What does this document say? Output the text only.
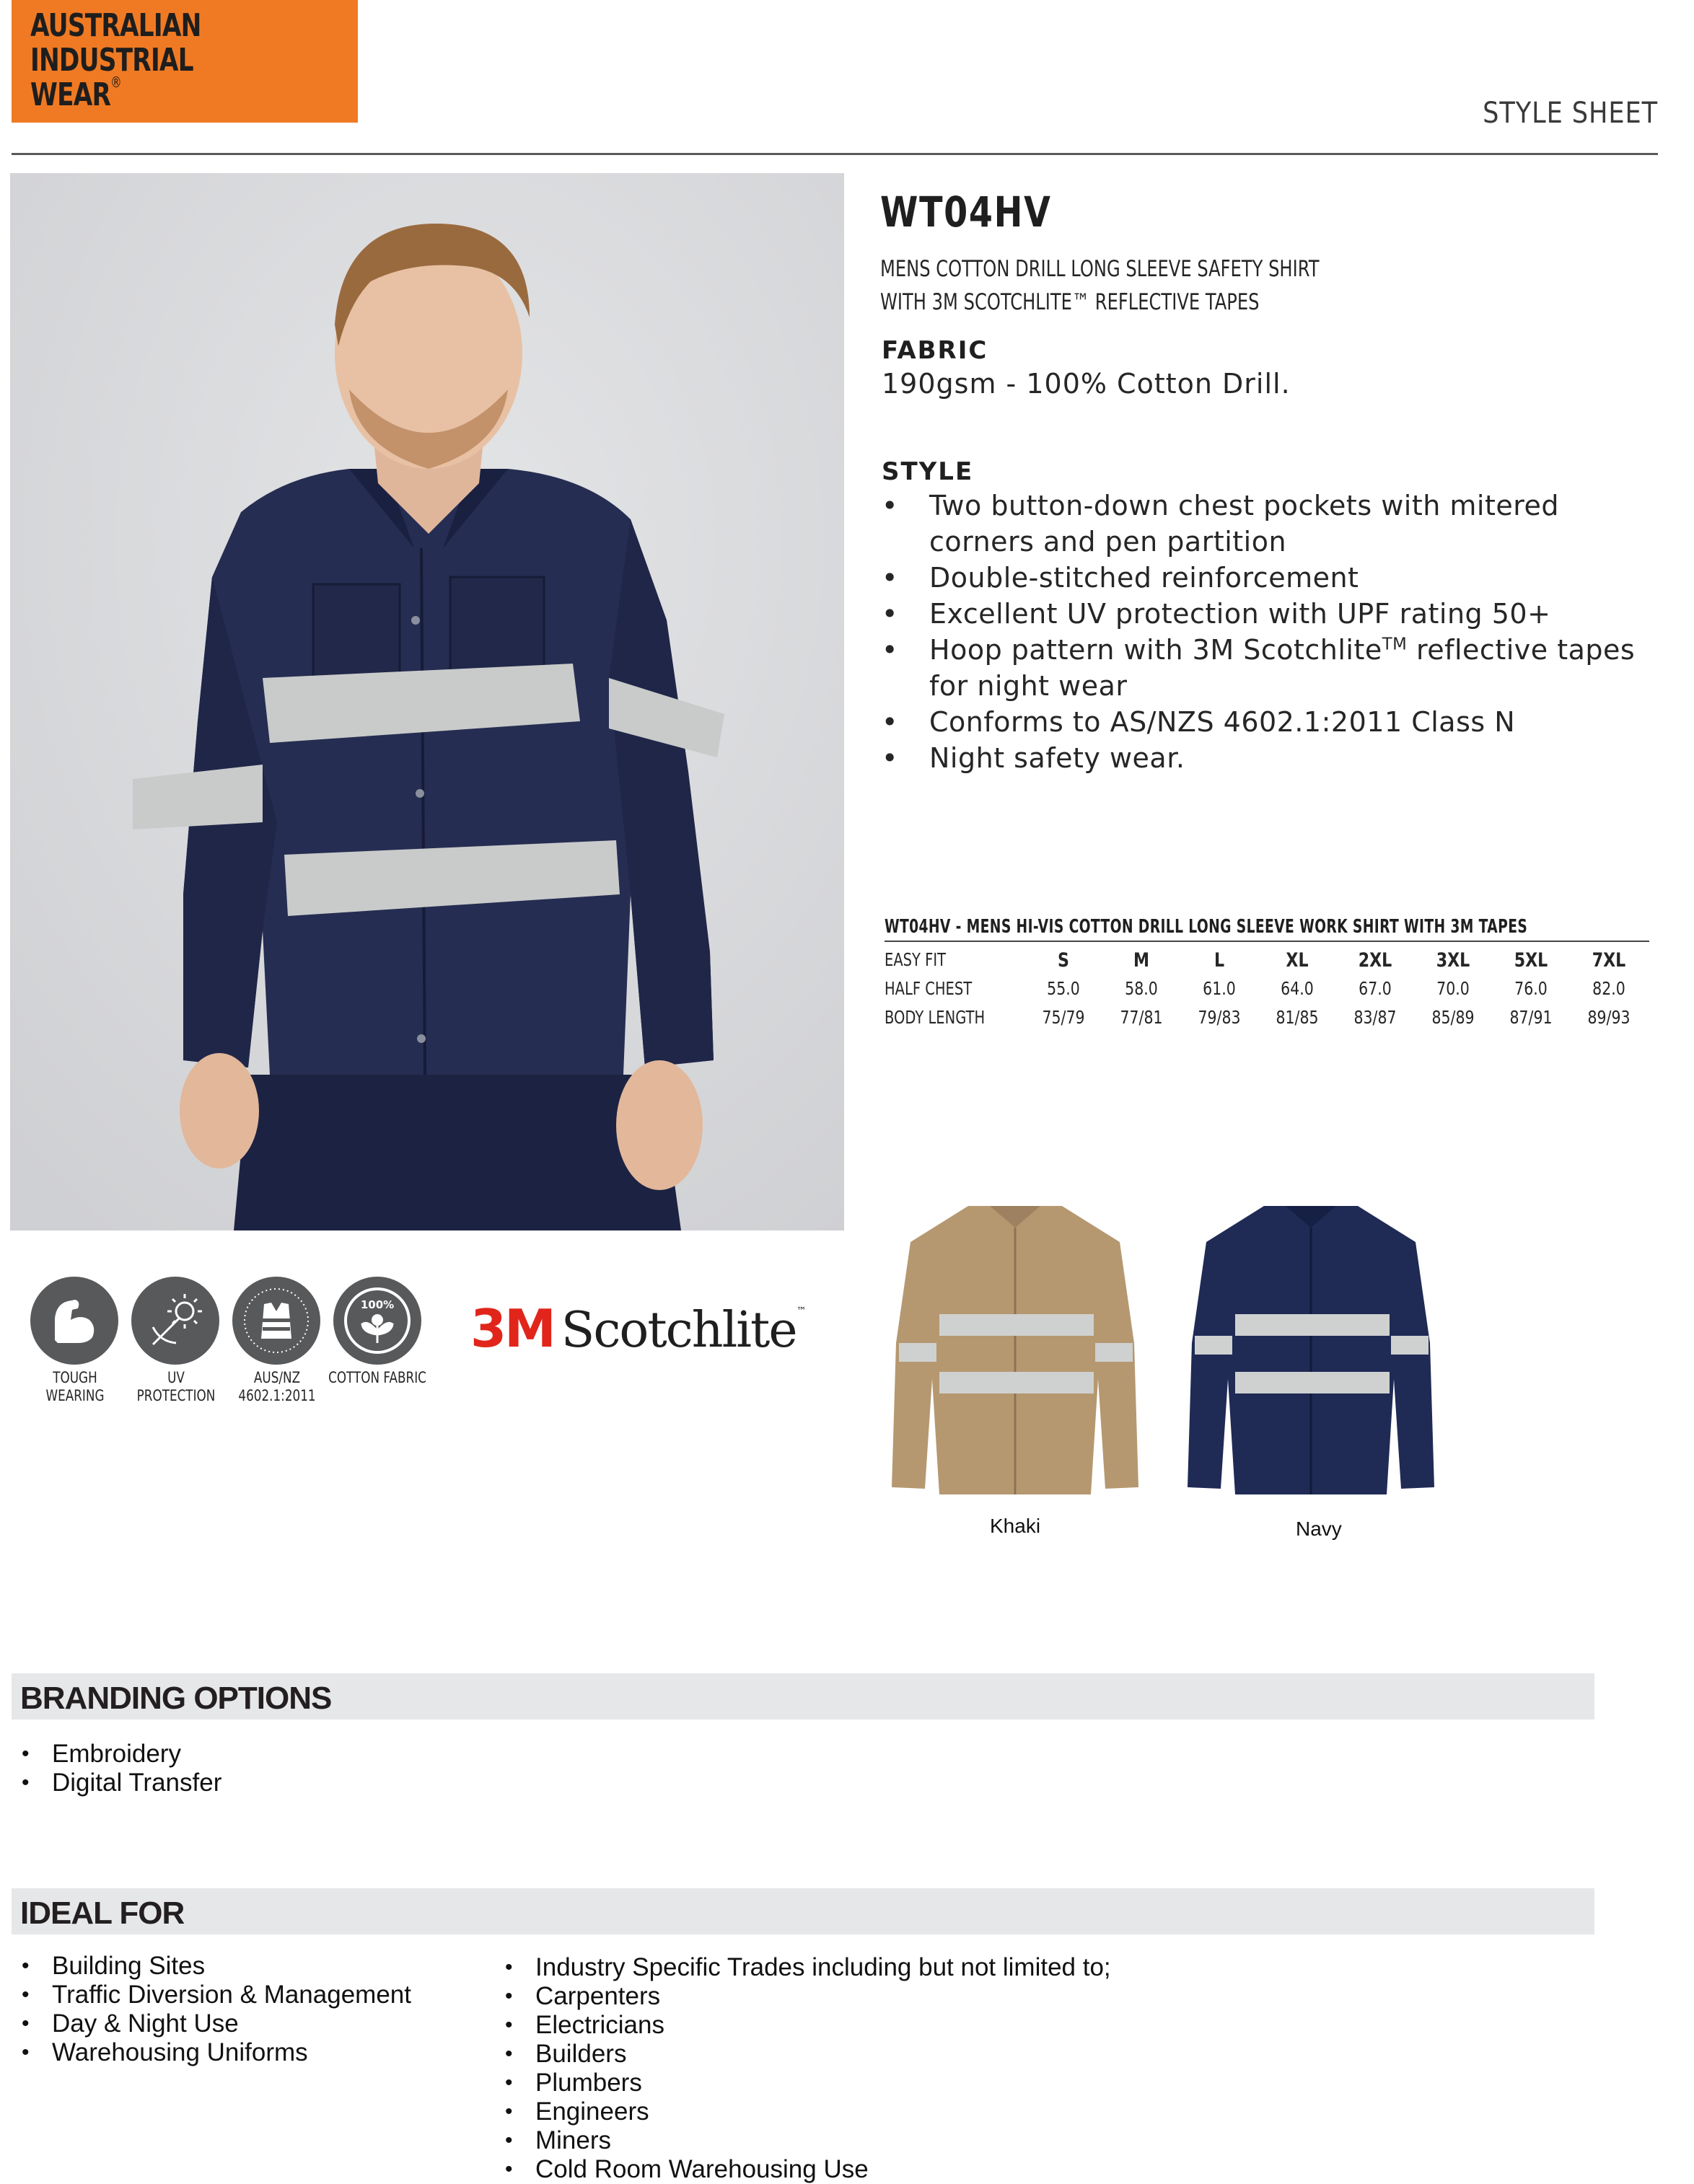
AUSTRALIAN
INDUSTRIAL
WEAR®
STYLE SHEET
WT04HV
MENS COTTON DRILL LONG SLEEVE SAFETY SHIRT WITH 3M SCOTCHLITE™ REFLECTIVE TAPES
FABRIC
190gsm - 100% Cotton Drill.
STYLE
• Two button-down chest pockets with mitered corners and pen partition
• Double-stitched reinforcement
• Excellent UV protection with UPF rating 50+
• Hoop pattern with 3M Scotchlite™ reflective tapes for night wear
• Conforms to AS/NZS 4602.1:2011 Class N
• Night safety wear.
WT04HV - MENS HI-VIS COTTON DRILL LONG SLEEVE WORK SHIRT WITH 3M TAPES
EASY FIT	S	M	L	XL	2XL	3XL	5XL	7XL
HALF CHEST	55.0	58.0	61.0	64.0	67.0	70.0	76.0	82.0
BODY LENGTH	75/79	77/81	79/83	81/85	83/87	85/89	87/91	89/93
TOUGH
WEARING
UV PROTECTION
AUS/NZ
4602.1:2011
100%
COTTON FABRIC
3M Scotchlite™
Khaki	Navy
BRANDING OPTIONS
• Embroidery
• Digital Transfer
IDEAL FOR
• Building Sites
• Traffic Diversion & Management
• Day & Night Use
• Warehousing Uniforms
• Industry Specific Trades including but not limited to;
• Carpenters
• Electricians
• Builders
• Plumbers
• Engineers
• Miners
• Cold Room Warehousing Use
